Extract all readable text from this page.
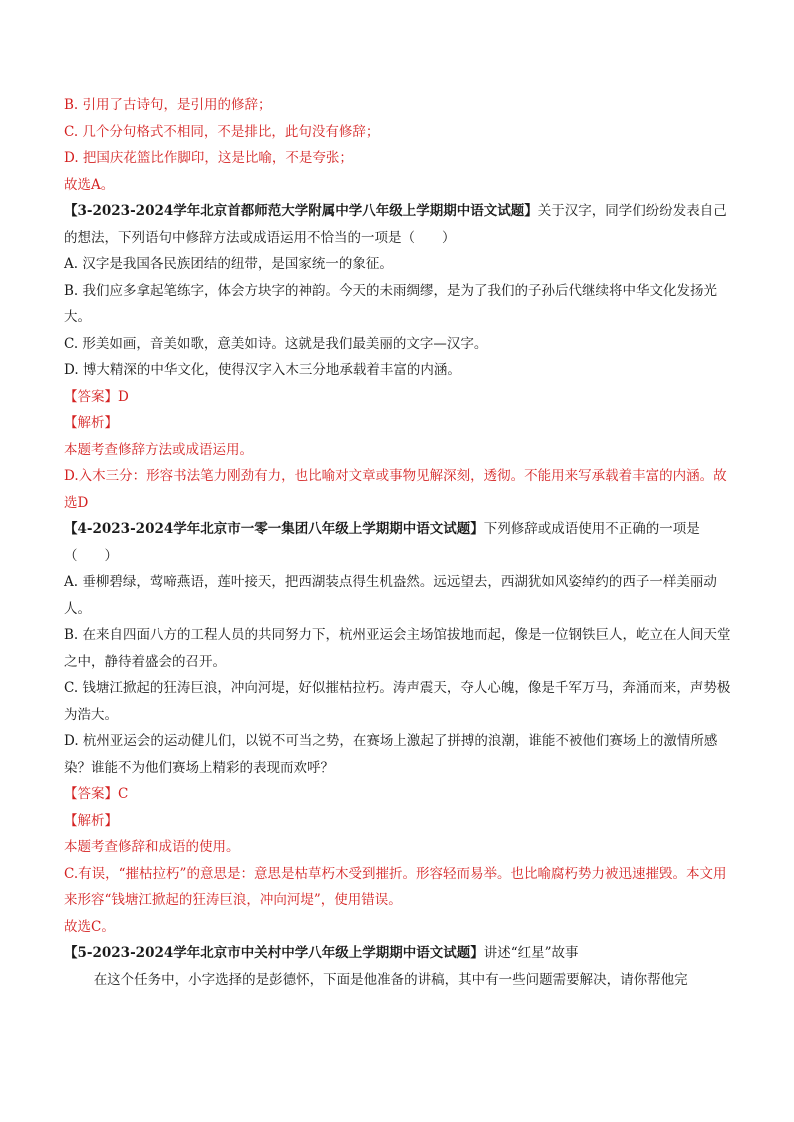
B. 引用了古诗句，是引用的修辞；
C. 几个分句格式不相同，不是排比，此句没有修辞；
D. 把国庆花篮比作脚印，这是比喻，不是夸张；
故选A。
【3-2023-2024学年北京首都师范大学附属中学八年级上学期期中语文试题】关于汉字，同学们纷纷发表自己的想法，下列语句中修辞方法或成语运用不恰当的一项是（　　）
A. 汉字是我国各民族团结的纽带，是国家统一的象征。
B. 我们应多拿起笔练字，体会方块字的神韵。今天的未雨绸缪，是为了我们的子孙后代继续将中华文化发扬光大。
C. 形美如画，音美如歌，意美如诗。这就是我们最美丽的文字—汉字。
D. 博大精深的中华文化，使得汉字入木三分地承载着丰富的内涵。
【答案】D
【解析】
本题考查修辞方法或成语运用。
D.入木三分：形容书法笔力刚劲有力，也比喻对文章或事物见解深刻，透彻。不能用来写承载着丰富的内涵。故选D
【4-2023-2024学年北京市一零一集团八年级上学期期中语文试题】下列修辞或成语使用不正确的一项是（　　）
A. 垂柳碧绿，莺啼燕语，莲叶接天，把西湖装点得生机盎然。远远望去，西湖犹如风姿绰约的西子一样美丽动人。
B. 在来自四面八方的工程人员的共同努力下，杭州亚运会主场馆拔地而起，像是一位钢铁巨人，屹立在人间天堂之中，静待着盛会的召开。
C. 钱塘江掀起的狂涛巨浪，冲向河堤，好似摧枯拉朽。涛声震天，夺人心魄，像是千军万马，奔涌而来，声势极为浩大。
D. 杭州亚运会的运动健儿们，以锐不可当之势，在赛场上激起了拼搏的浪潮，谁能不被他们赛场上的激情所感染？谁能不为他们赛场上精彩的表现而欢呼？
【答案】C
【解析】
本题考查修辞和成语的使用。
C.有误，“摧枯拉朽”的意思是：意思是枯草朽木受到摧折。形容轻而易举。也比喻腐朽势力被迅速摧毁。本文用来形容“钱塘江掀起的狂涛巨浪，冲向河堤”，使用错误。
故选C。
【5-2023-2024学年北京市中关村中学八年级上学期期中语文试题】讲述“红星”故事
在这个任务中，小字选择的是彭德怀，下面是他准备的讲稿，其中有一些问题需要解决，请你帮他完
